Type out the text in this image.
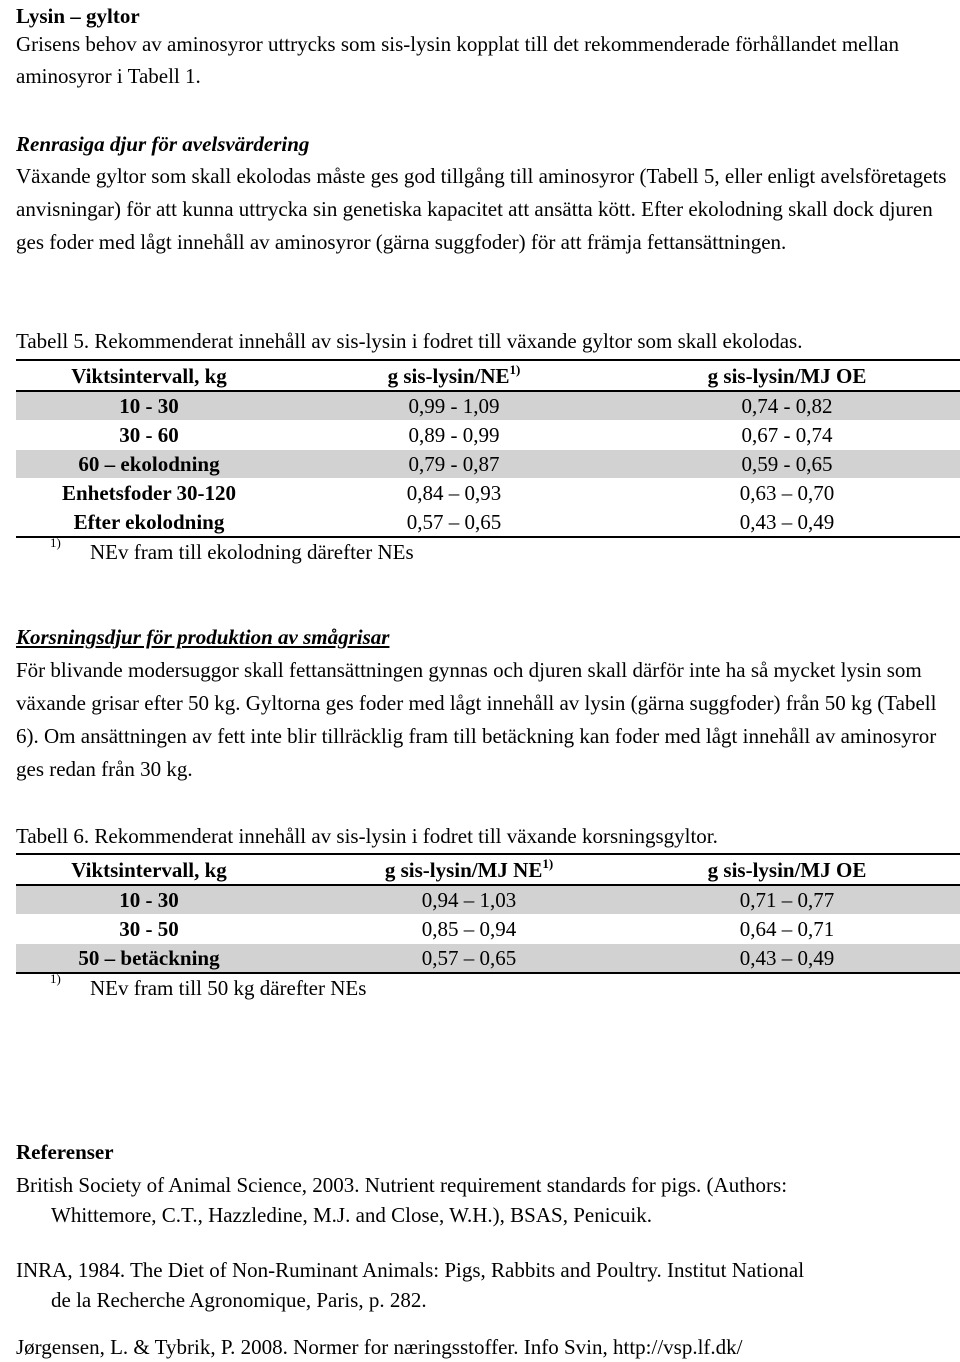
Lysin – gyltor
Grisens behov av aminosyror uttrycks som sis-lysin kopplat till det rekommenderade förhållandet mellan aminosyror i Tabell 1.
Renrasiga djur för avelsvärdering
Växande gyltor som skall ekolodas måste ges god tillgång till aminosyror (Tabell 5, eller enligt avelsföretagets anvisningar) för att kunna uttrycka sin genetiska kapacitet att ansätta kött. Efter ekolodning skall dock djuren ges foder med lågt innehåll av aminosyror (gärna suggfoder) för att främja fettansättningen.
Tabell 5. Rekommenderat innehåll av sis-lysin i fodret till växande gyltor som skall ekolodas.
Viktsintervall, kg	g sis-lysin/NE$^{1)}$	g sis-lysin/MJ OE
10 - 30	0,99 - 1,09	0,74 - 0,82
30 - 60	0,89 - 0,99	0,67 - 0,74
60 – ekolodning	0,79 - 0,87	0,59 - 0,65
Enhetsfoder 30-120	0,84 – 0,93	0,63 – 0,70
Efter ekolodning	0,57 – 0,65	0,43 – 0,49
1) NEv fram till ekolodning därefter NEs
Korsningsdjur för produktion av smågrisar
För blivande modersuggor skall fettansättningen gynnas och djuren skall därför inte ha så mycket lysin som växande grisar efter 50 kg. Gyltorna ges foder med lågt innehåll av lysin (gärna suggfoder) från 50 kg (Tabell 6). Om ansättningen av fett inte blir tillräcklig fram till betäckning kan foder med lågt innehåll av aminosyror ges redan från 30 kg.
Tabell 6. Rekommenderat innehåll av sis-lysin i fodret till växande korsningsgyltor.
Viktsintervall, kg	g sis-lysin/MJ NE$^{1)}$	g sis-lysin/MJ OE
10 - 30	0,94 – 1,03	0,71 – 0,77
30 - 50	0,85 – 0,94	0,64 – 0,71
50 – betäckning	0,57 – 0,65	0,43 – 0,49
1) NEv fram till 50 kg därefter NEs
Referenser
British Society of Animal Science, 2003. Nutrient requirement standards for pigs. (Authors:
Whittemore, C.T., Hazzledine, M.J. and Close, W.H.), BSAS, Penicuik.
INRA, 1984. The Diet of Non-Ruminant Animals: Pigs, Rabbits and Poultry. Institut National
de la Recherche Agronomique, Paris, p. 282.
Jørgensen, L. & Tybrik, P. 2008. Normer for næringsstoffer. Info Svin, http://vsp.lf.dk/
